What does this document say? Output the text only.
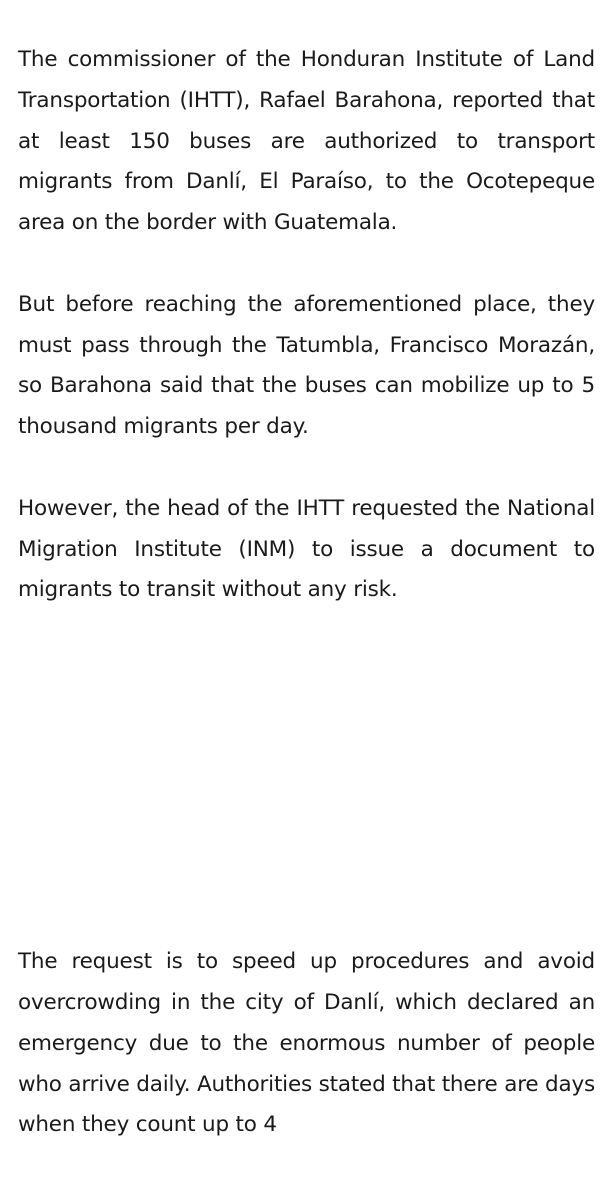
The commissioner of the Honduran Institute of Land Transportation (IHTT), Rafael Barahona, reported that at least 150 buses are authorized to transport migrants from Danlí, El Paraíso, to the Ocotepeque area on the border with Guatemala.

But before reaching the aforementioned place, they must pass through the Tatumbla, Francisco Morazán, so Barahona said that the buses can mobilize up to 5 thousand migrants per day.

However, the head of the IHTT requested the National Migration Institute (INM) to issue a document to migrants to transit without any risk.

The request is to speed up procedures and avoid overcrowding in the city of Danlí, which declared an emergency due to the enormous number of people who arrive daily. Authorities stated that there are days when they count up to 4
